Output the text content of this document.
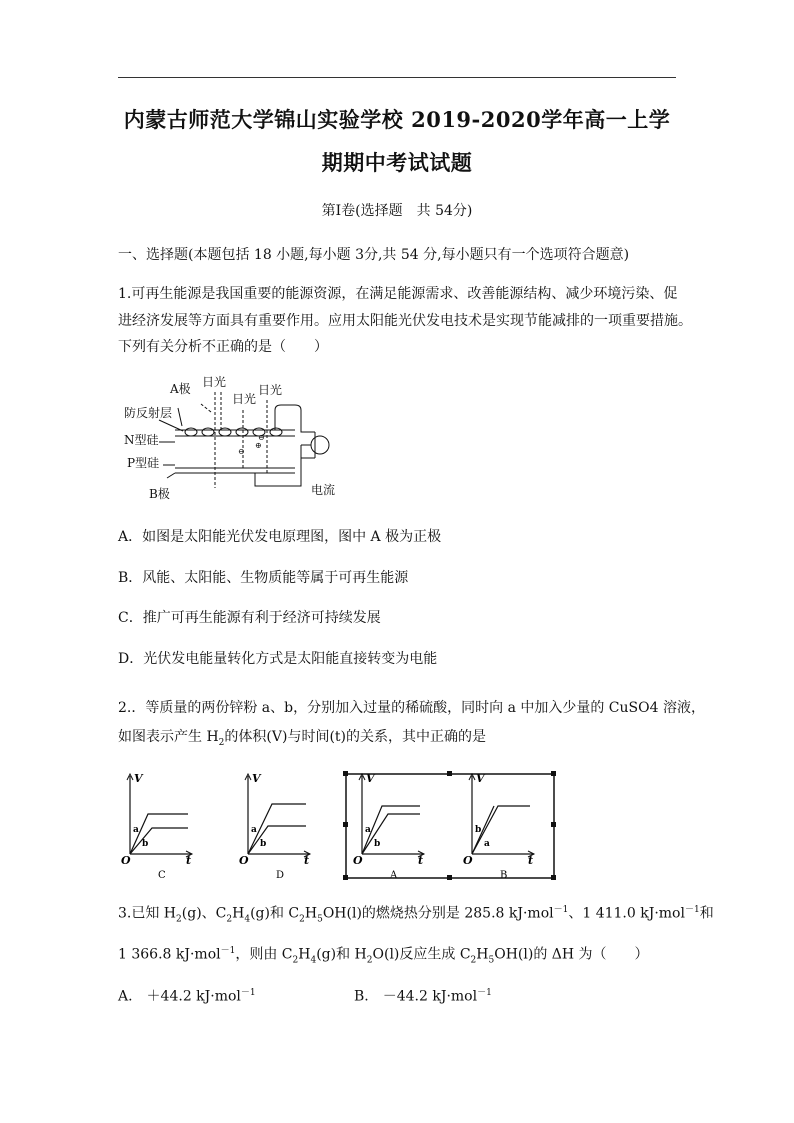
内蒙古师范大学锦山实验学校 2019-2020学年高一上学
期期中考试试题
第Ⅰ卷(选择题　共 54分)
一、选择题(本题包括 18 小题,每小题 3分,共 54 分,每小题只有一个选项符合题意)
1.可再生能源是我国重要的能源资源，在满足能源需求、改善能源结构、减少环境污染、促
进经济发展等方面具有重要作用。应用太阳能光伏发电技术是实现节能减排的一项重要措施。
下列有关分析不正确的是（　　）
A极 日光
日光
日光
防反射层
N型硅
P型硅
B极	电流
⊖
⊕
⊖
A．如图是太阳能光伏发电原理图，图中 A 极为正极
B．风能、太阳能、生物质能等属于可再生能源
C．推广可再生能源有利于经济可持续发展
D．光伏发电能量转化方式是太阳能直接转变为电能
2.．等质量的两份锌粉 a、b，分别加入过量的稀硫酸，同时向 a 中加入少量的 CuSO4 溶液，
如图表示产生 $H_2$的体积(V)与时间(t)的关系，其中正确的是
V
t
O
a
b
C
V
t
O
a
b
D
V
t
O
a
b
A
V
t
O
b
a
B
3.已知 $H_2(g)$、$C_2H_4(g)$和 $C_2H_5OH(l)$的燃烧热分别是 285.8 kJ·mol$^{-1}$、1 411.0 kJ·mol$^{-1}$和
1 366.8 kJ·mol$^{-1}$，则由 $C_2H_4(g)$和 $H_2O(l)$反应生成 $C_2H_5OH(l)$的 ΔH 为（　　）
A.　＋44.2 kJ·mol$^{-1}$	B.　－44.2 kJ·mol$^{-1}$
